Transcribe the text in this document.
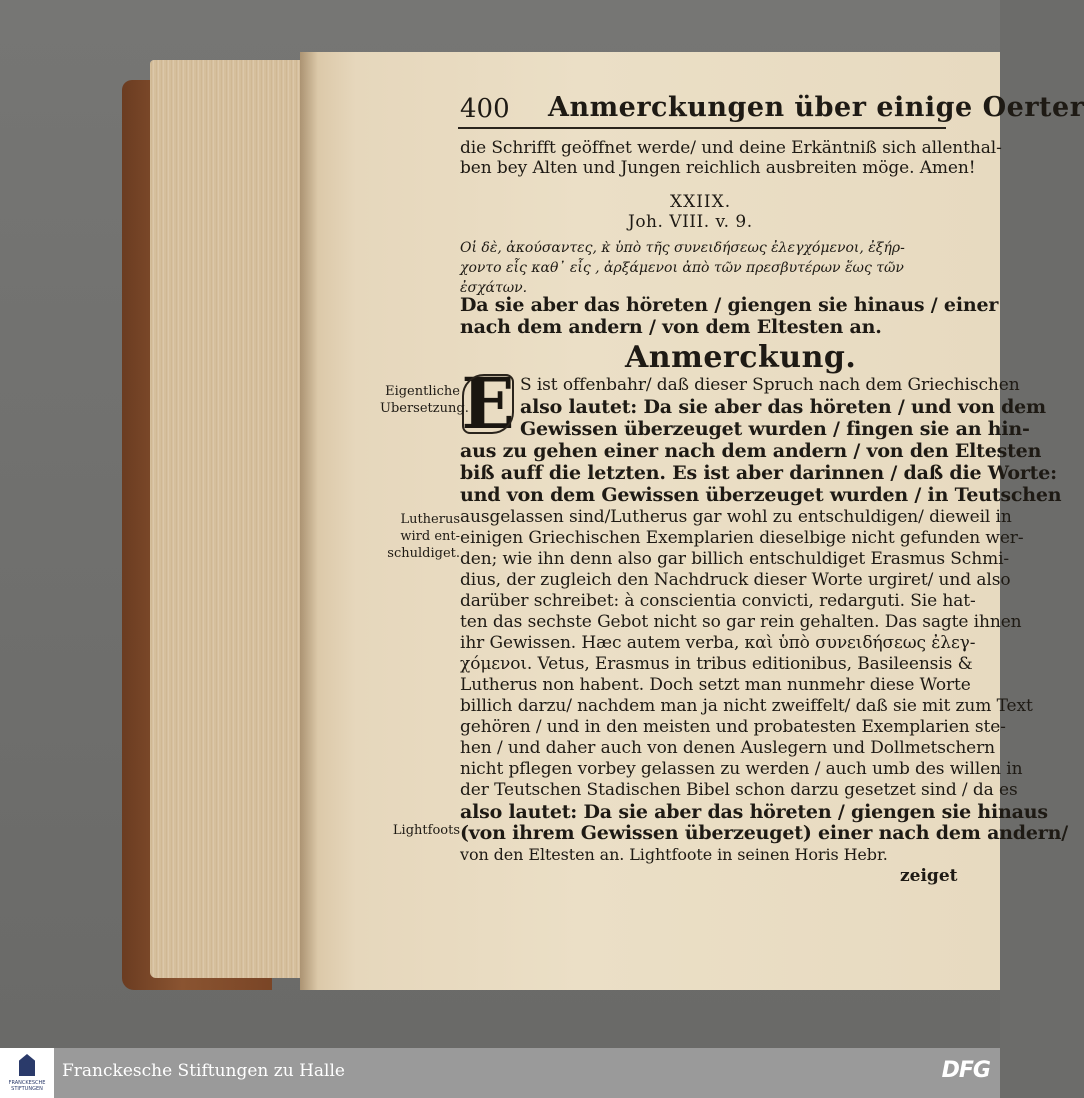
400 Anmerckungen über einige Oerter
die Schrifft geöffnet werde/ und deine Erkäntniß sich allenthal-
ben bey Alten und Jungen reichlich ausbreiten möge. Amen!
XXIIX.
Joh. VIII. v. 9.
Οἱ δὲ, ἀκούσαντες, κ̀ ὑπὸ τῆς συνειδήσεως ἐλεγχόμενοι, ἐξήρ-
χοντο εἷς καθ᾽ εἷς , ἀρξάμενοι ἀπὸ τῶν πρεσβυτέρων ἕως τῶν
ἐσχάτων.
Da sie aber das höreten / giengen sie hinaus / einer
nach dem andern / von dem Eltesten an.
Anmerckung.
E S ist offenbahr/ daß dieser Spruch nach dem Griechischen
also lautet: Da sie aber das höreten / und von dem
Gewissen überzeuget wurden / fingen sie an hin-
aus zu gehen einer nach dem andern / von den Eltesten
biß auff die letzten. Es ist aber darinnen / daß die Worte:
und von dem Gewissen überzeuget wurden / in Teutschen
ausgelassen sind/Lutherus gar wohl zu entschuldigen/ dieweil in
einigen Griechischen Exemplarien dieselbige nicht gefunden wer-
den; wie ihn denn also gar billich entschuldiget Erasmus Schmi-
dius, der zugleich den Nachdruck dieser Worte urgiret/ und also
darüber schreibet: à conscientia convicti, redarguti. Sie hat-
ten das sechste Gebot nicht so gar rein gehalten. Das sagte ihnen
ihr Gewissen. Hæc autem verba, καὶ ὑπὸ συνειδήσεως ἐλεγ-
χόμενοι. Vetus, Erasmus in tribus editionibus, Basileensis &
Lutherus non habent. Doch setzt man nunmehr diese Worte
billich darzu/ nachdem man ja nicht zweiffelt/ daß sie mit zum Text
gehören / und in den meisten und probatesten Exemplarien ste-
hen / und daher auch von denen Auslegern und Dollmetschern
nicht pflegen vorbey gelassen zu werden / auch umb des willen in
der Teutschen Stadischen Bibel schon darzu gesetzet sind / da es
also lautet: Da sie aber das höreten / giengen sie hinaus
(von ihrem Gewissen überzeuget) einer nach dem andern/
von den Eltesten an. Lightfoote in seinen Horis Hebr.
zeiget
Eigentliche
Ubersetzung.
Lutherus
wird ent-
schuldiget.
Lightfoots
FRANCKESCHE STIFTUNGEN
Franckesche Stiftungen zu Halle	DFG
